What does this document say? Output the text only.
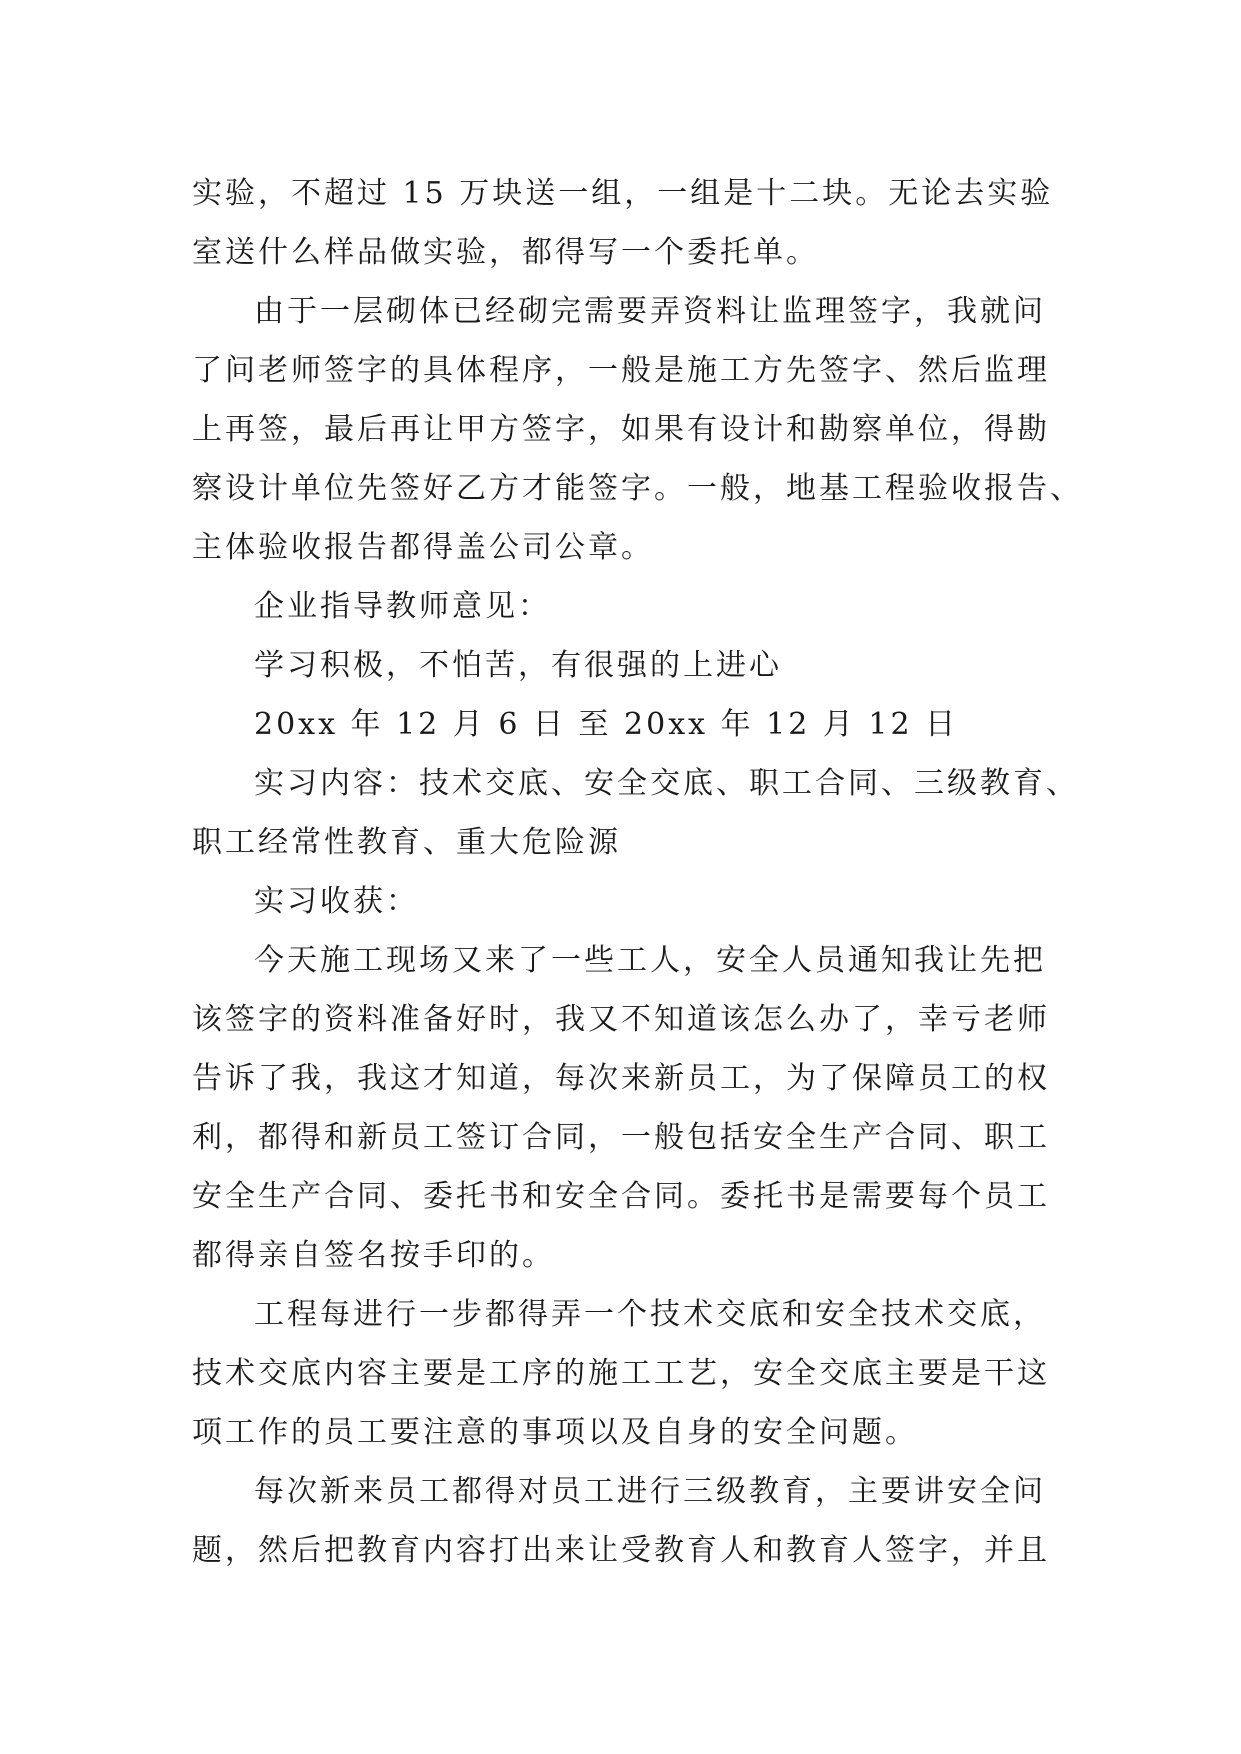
实验，不超过 15 万块送一组，一组是十二块。无论去实验
室送什么样品做实验，都得写一个委托单。
由于一层砌体已经砌完需要弄资料让监理签字，我就问
了问老师签字的具体程序，一般是施工方先签字、然后监理
上再签，最后再让甲方签字，如果有设计和勘察单位，得勘
察设计单位先签好乙方才能签字。一般，地基工程验收报告、
主体验收报告都得盖公司公章。
企业指导教师意见：
学习积极，不怕苦，有很强的上进心
20xx 年 12 月 6 日 至 20xx 年 12 月 12 日
实习内容：技术交底、安全交底、职工合同、三级教育、
职工经常性教育、重大危险源
实习收获：
今天施工现场又来了一些工人，安全人员通知我让先把
该签字的资料准备好时，我又不知道该怎么办了，幸亏老师
告诉了我，我这才知道，每次来新员工，为了保障员工的权
利，都得和新员工签订合同，一般包括安全生产合同、职工
安全生产合同、委托书和安全合同。委托书是需要每个员工
都得亲自签名按手印的。
工程每进行一步都得弄一个技术交底和安全技术交底，
技术交底内容主要是工序的施工工艺，安全交底主要是干这
项工作的员工要注意的事项以及自身的安全问题。
每次新来员工都得对员工进行三级教育，主要讲安全问
题，然后把教育内容打出来让受教育人和教育人签字，并且
